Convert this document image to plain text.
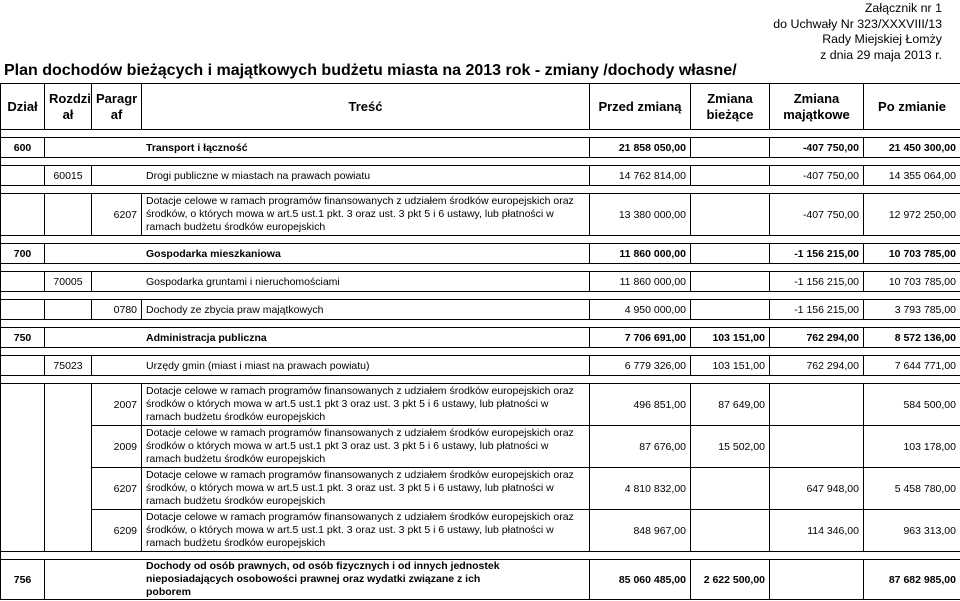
Załącznik nr 1
do Uchwały Nr 323/XXXVIII/13
Rady Miejskiej Łomży
z dnia 29 maja 2013 r.
Plan dochodów bieżących i majątkowych budżetu miasta na 2013 rok - zmiany /dochody własne/
Dział	Rozdzi ał	Paragr af	Treść	Przed zmianą	Zmiana bieżące	Zmiana majątkowe	Po zmianie

600	Transport i łączność			21 858 050,00		-407 750,00	21 450 300,00

	60015	Drogi publiczne w miastach na prawach powiatu		14 762 814,00		-407 750,00	14 355 064,00

		6207	Dotacje celowe w ramach programów finansowanych z udziałem środków europejskich oraz środków, o których mowa w art.5 ust.1 pkt. 3 oraz ust. 3 pkt 5 i 6 ustawy, lub płatności w ramach budżetu środków europejskich	13 380 000,00		-407 750,00	12 972 250,00

700	Gospodarka mieszkaniowa			11 860 000,00		-1 156 215,00	10 703 785,00

	70005	Gospodarka gruntami i nieruchomościami		11 860 000,00		-1 156 215,00	10 703 785,00

		0780	Dochody ze zbycia praw majątkowych	4 950 000,00		-1 156 215,00	3 793 785,00

750	Administracja publiczna			7 706 691,00	103 151,00	762 294,00	8 572 136,00

	75023	Urzędy gmin (miast i miast na prawach powiatu)		6 779 326,00	103 151,00	762 294,00	7 644 771,00

		2007	Dotacje celowe w ramach programów finansowanych z udziałem środków europejskich oraz środków o których mowa w art.5 ust.1 pkt 3 oraz ust. 3 pkt 5 i 6 ustawy, lub płatności w ramach budżetu środków europejskich	496 851,00	87 649,00		584 500,00
		2009	Dotacje celowe w ramach programów finansowanych z udziałem środków europejskich oraz środków o których mowa w art.5 ust.1 pkt 3 oraz ust. 3 pkt 5 i 6 ustawy, lub płatności w ramach budżetu środków europejskich	87 676,00	15 502,00		103 178,00
		6207	Dotacje celowe w ramach programów finansowanych z udziałem środków europejskich oraz środków, o których mowa w art.5 ust.1 pkt. 3 oraz ust. 3 pkt 5 i 6 ustawy, lub płatności w ramach budżetu środków europejskich	4 810 832,00		647 948,00	5 458 780,00
		6209	Dotacje celowe w ramach programów finansowanych z udziałem środków europejskich oraz środków, o których mowa w art.5 ust.1 pkt. 3 oraz ust. 3 pkt 5 i 6 ustawy, lub płatności w ramach budżetu środków europejskich	848 967,00		114 346,00	963 313,00

756	Dochody od osób prawnych, od osób fizycznych i od innych jednostek nieposiadających osobowości prawnej oraz wydatki związane z ich poborem			85 060 485,00	2 622 500,00		87 682 985,00
